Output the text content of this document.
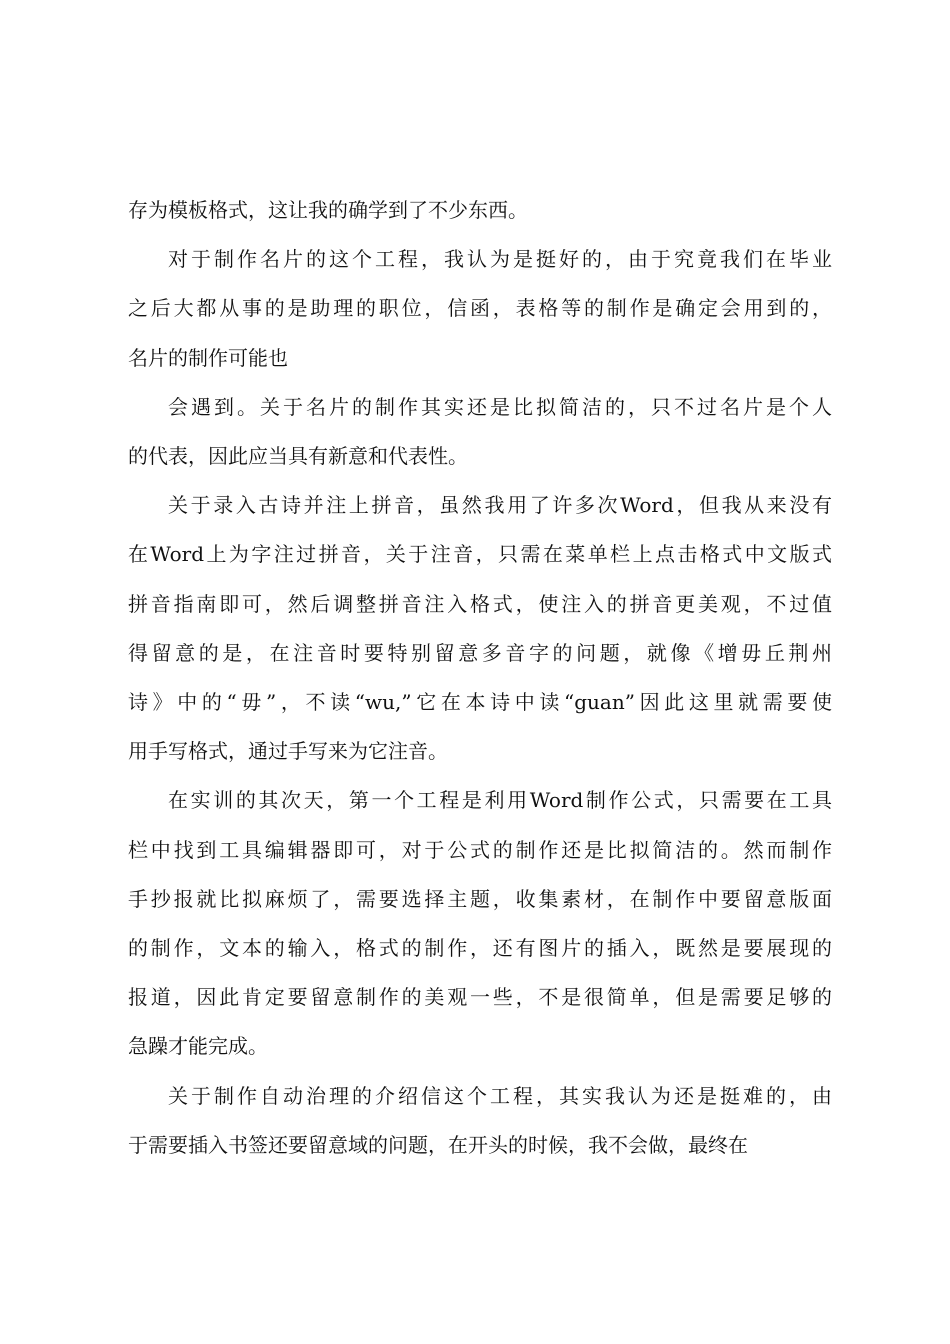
存为模板格式，这让我的确学到了不少东西。
对于制作名片的这个工程，我认为是挺好的，由于究竟我们在毕业
之后大都从事的是助理的职位，信函，表格等的制作是确定会用到的，
名片的制作可能也
会遇到。关于名片的制作其实还是比拟简洁的，只不过名片是个人
的代表，因此应当具有新意和代表性。
关于录入古诗并注上拼音，虽然我用了许多次Word，但我从来没有
在Word上为字注过拼音，关于注音，只需在菜单栏上点击格式中文版式
拼音指南即可，然后调整拼音注入格式，使注入的拼音更美观，不过值
得留意的是，在注音时要特别留意多音字的问题，就像《增毋丘荆州
诗》中的“毋”，不读“wu,”它在本诗中读“guan”因此这里就需要使
用手写格式，通过手写来为它注音。
在实训的其次天，第一个工程是利用Word制作公式，只需要在工具
栏中找到工具编辑器即可，对于公式的制作还是比拟简洁的。然而制作
手抄报就比拟麻烦了，需要选择主题，收集素材，在制作中要留意版面
的制作，文本的输入，格式的制作，还有图片的插入，既然是要展现的
报道，因此肯定要留意制作的美观一些，不是很简单，但是需要足够的
急躁才能完成。
关于制作自动治理的介绍信这个工程，其实我认为还是挺难的，由
于需要插入书签还要留意域的问题，在开头的时候，我不会做，最终在
